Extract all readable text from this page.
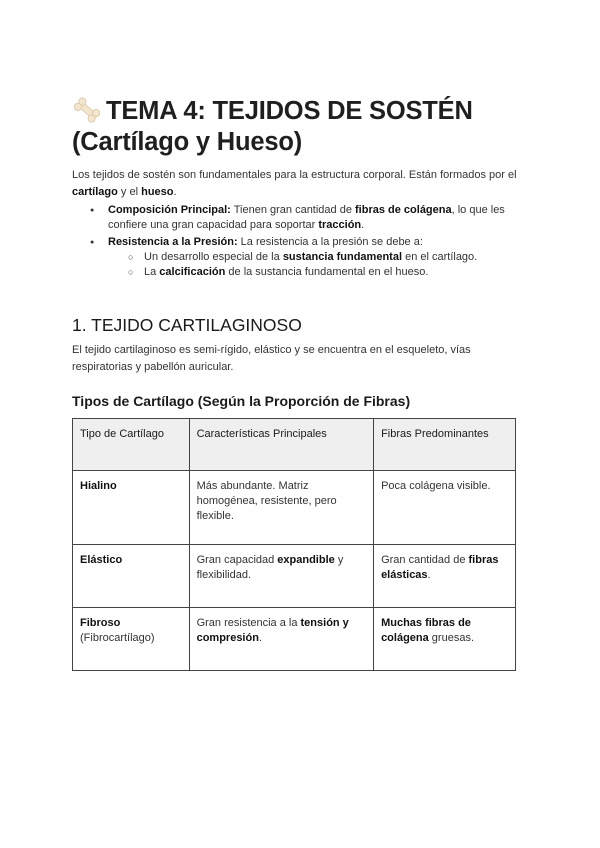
TEMA 4: TEJIDOS DE SOSTÉN
(Cartílago y Hueso)

Los tejidos de sostén son fundamentales para la estructura corporal. Están formados por el cartílago y el hueso.

● Composición Principal: Tienen gran cantidad de fibras de colágena, lo que les confiere una gran capacidad para soportar tracción.
● Resistencia a la Presión: La resistencia a la presión se debe a:
○ Un desarrollo especial de la sustancia fundamental en el cartílago.
○ La calcificación de la sustancia fundamental en el hueso.
1. TEJIDO CARTILAGINOSO

El tejido cartilaginoso es semi-rígido, elástico y se encuentra en el esqueleto, vías respiratorias y pabellón auricular.

Tipos de Cartílago (Según la Proporción de Fibras)
Tipo de Cartílago	Características Principales	Fibras Predominantes
Hialino	Más abundante. Matriz homogénea, resistente, pero flexible.	Poca colágena visible.
Elástico	Gran capacidad expandible y flexibilidad.	Gran cantidad de fibras elásticas.
Fibroso
(Fibrocartílago)	Gran resistencia a la tensión y compresión.	Muchas fibras de colágena gruesas.
